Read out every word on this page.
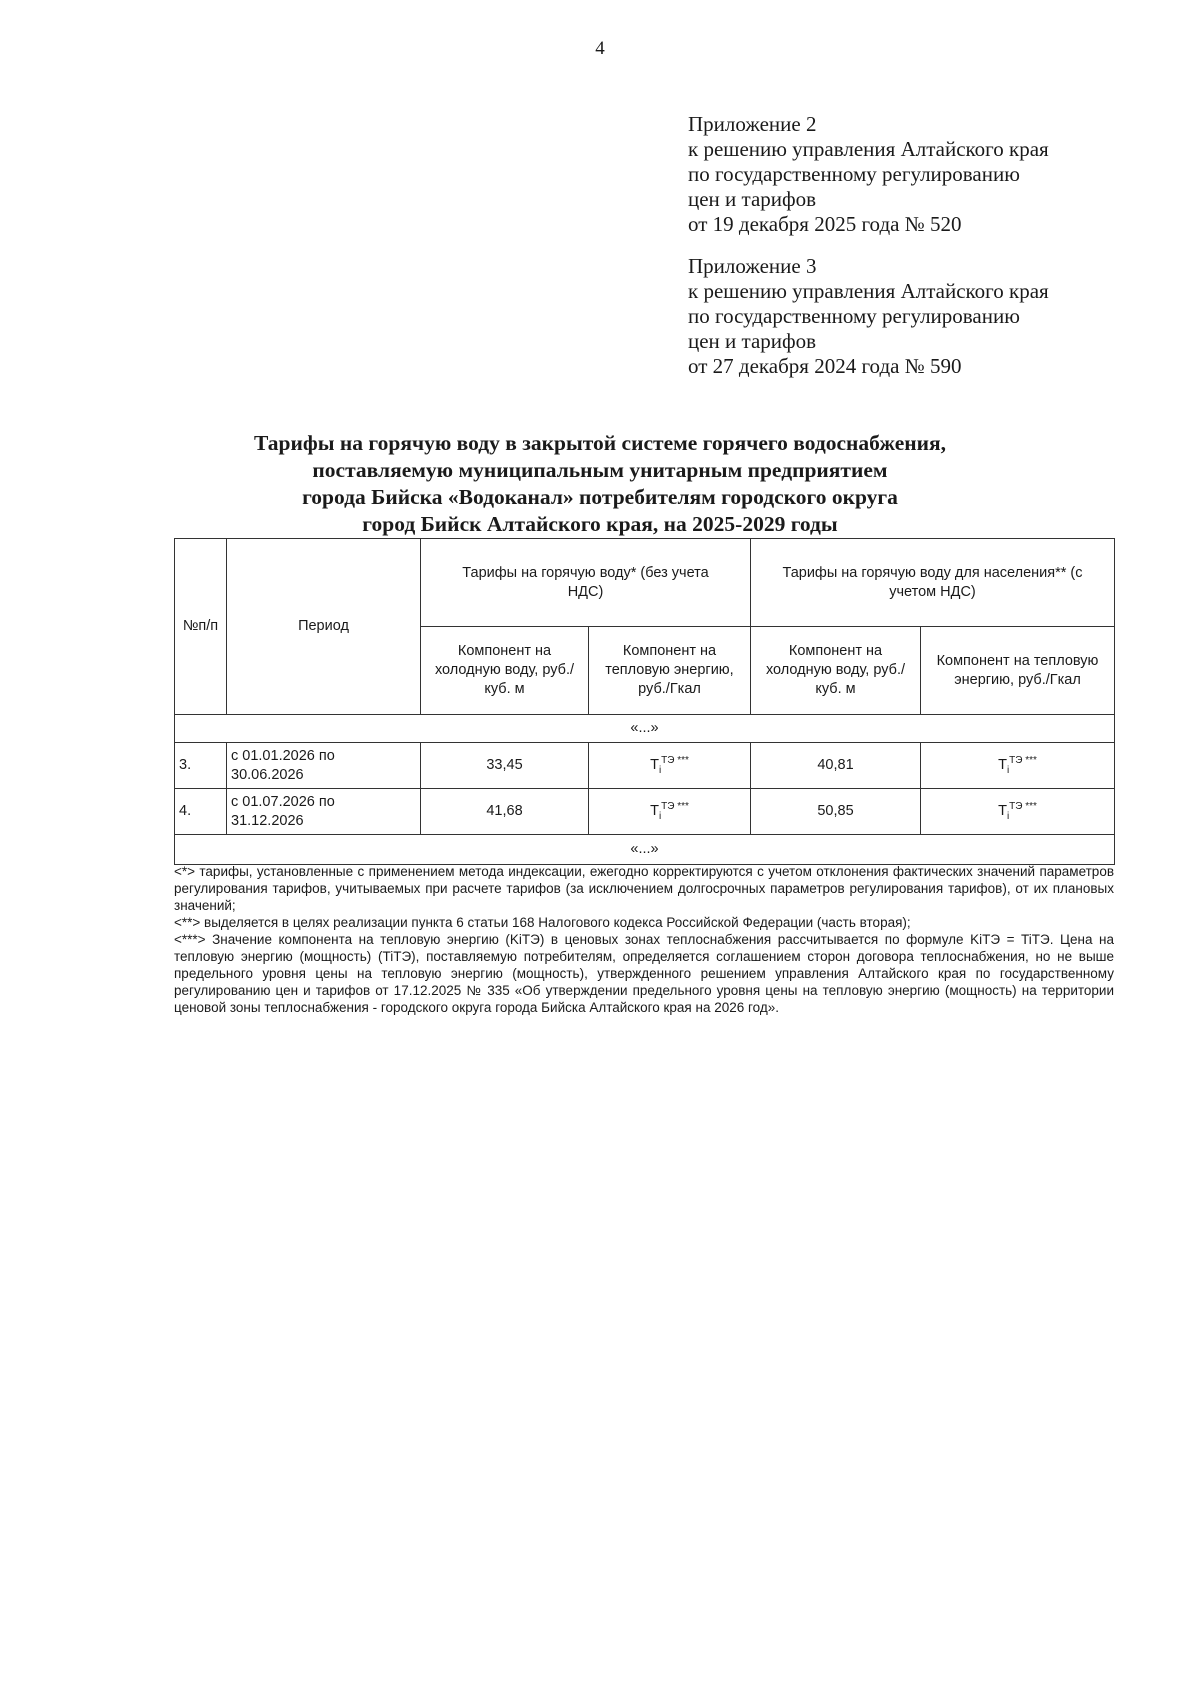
4
Приложение 2
к решению управления Алтайского края
по государственному регулированию
цен и тарифов
от 19 декабря 2025 года № 520
Приложение 3
к решению управления Алтайского края
по государственному регулированию
цен и тарифов
от 27 декабря 2024 года № 590
Тарифы на горячую воду в закрытой системе горячего водоснабжения,
поставляемую муниципальным унитарным предприятием
города Бийска «Водоканал» потребителям городского округа
город Бийск Алтайского края, на 2025-2029 годы
№п/п	Период	Тарифы на горячую воду* (без учета НДС)		Тарифы на горячую воду для населения** (с учетом НДС)	
		Компонент на холодную воду, руб./куб. м	Компонент на тепловую энергию, руб./Гкал	Компонент на холодную воду, руб./куб. м	Компонент на тепловую энергию, руб./Гкал
«...»					
3.	с 01.01.2026 по
30.06.2026	33,45	$T_i^{ТЭ ***}$	40,81	$T_i^{ТЭ ***}$
4.	с 01.07.2026 по
31.12.2026	41,68	$T_i^{ТЭ ***}$	50,85	$T_i^{ТЭ ***}$
«...»					

<*> тарифы, установленные с применением метода индексации, ежегодно корректируются с учетом отклонения фактических значений параметров регулирования тарифов, учитываемых при расчете тарифов (за исключением долгосрочных параметров регулирования тарифов), от их плановых значений;

<**> выделяется в целях реализации пункта 6 статьи 168 Налогового кодекса Российской Федерации (часть вторая);

<***> Значение компонента на тепловую энергию (KiТЭ) в ценовых зонах теплоснабжения рассчитывается по формуле KiТЭ = TiТЭ. Цена на тепловую энергию (мощность) (TiТЭ), поставляемую потребителям, определяется соглашением сторон договора теплоснабжения, но не выше предельного уровня цены на тепловую энергию (мощность), утвержденного решением управления Алтайского края по государственному регулированию цен и тарифов от 17.12.2025 № 335 «Об утверждении предельного уровня цены на тепловую энергию (мощность) на территории ценовой зоны теплоснабжения - городского округа города Бийска Алтайского края на 2026 год».
